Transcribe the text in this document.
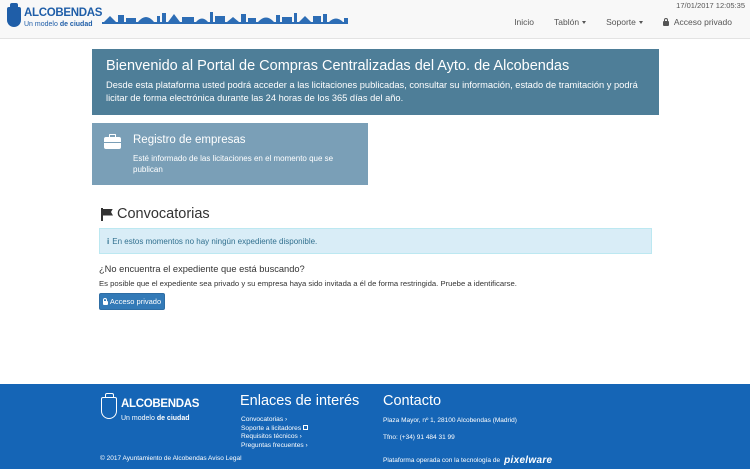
ALCOBENDAS
Un modelo de ciudad
17/01/2017 12:05:35
Inicio Tablón	Soporte	Acceso privado
Bienvenido al Portal de Compras Centralizadas del Ayto. de Alcobendas
Desde esta plataforma usted podrá acceder a las licitaciones publicadas, consultar su información, estado de tramitación y podrá licitar de forma electrónica durante las 24 horas de los 365 días del año.
Registro de empresas
Esté informado de las licitaciones en el momento que se publican
Convocatorias
i En estos momentos no hay ningún expediente disponible.
¿No encuentra el expediente que está buscando?
Es posible que el expediente sea privado y su empresa haya sido invitada a él de forma restringida. Pruebe a identificarse.
Acceso privado
ALCOBENDAS
Un modelo de ciudad
© 2017 Ayuntamiento de Alcobendas Aviso Legal
Enlaces de interés
Convocatorias ›
Soporte a licitadores
Requisitos técnicos ›
Preguntas frecuentes ›
Contacto
Plaza Mayor, nº 1, 28100 Alcobendas (Madrid)
Tfno: (+34) 91 484 31 99
Plataforma operada con la tecnología de pixelware
